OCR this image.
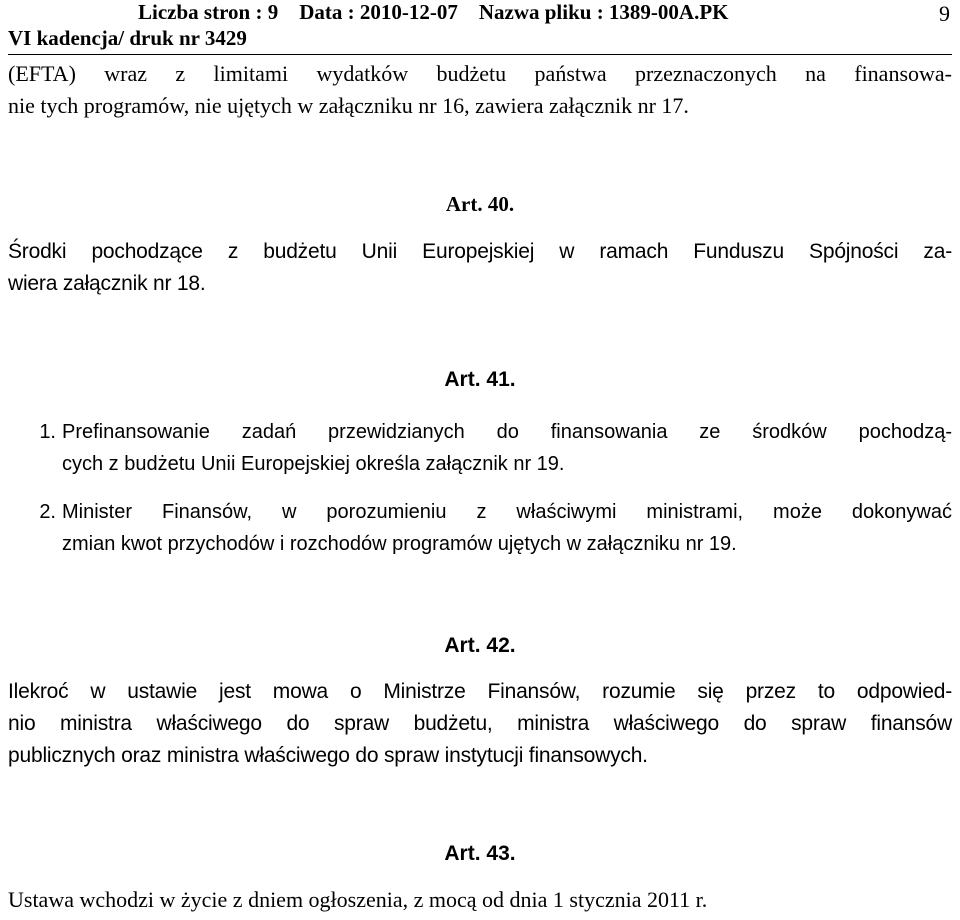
Liczba stron : 9    Data : 2010-12-07    Nazwa pliku : 1389-00A.PK
VI kadencja/ druk nr 3429
9
(EFTA) wraz z limitami wydatków budżetu państwa przeznaczonych na finansowa-
nie tych programów, nie ujętych w załączniku nr 16, zawiera załącznik nr 17.
Art. 40.
Środki pochodzące z budżetu Unii Europejskiej w ramach Funduszu Spójności za-
wiera załącznik nr 18.
Art. 41.
1. Prefinansowanie zadań przewidzianych do finansowania ze środków pochodzą-
cych z budżetu Unii Europejskiej określa załącznik nr 19.
2. Minister Finansów, w porozumieniu z właściwymi ministrami, może dokonywać
zmian kwot przychodów i rozchodów programów ujętych w załączniku nr 19.
Art. 42.
Ilekroć w ustawie jest mowa o Ministrze Finansów, rozumie się przez to odpowied-
nio ministra właściwego do spraw budżetu, ministra właściwego do spraw finansów
publicznych oraz ministra właściwego do spraw instytucji finansowych.
Art. 43.
Ustawa wchodzi w życie z dniem ogłoszenia, z mocą od dnia 1 stycznia 2011 r.
